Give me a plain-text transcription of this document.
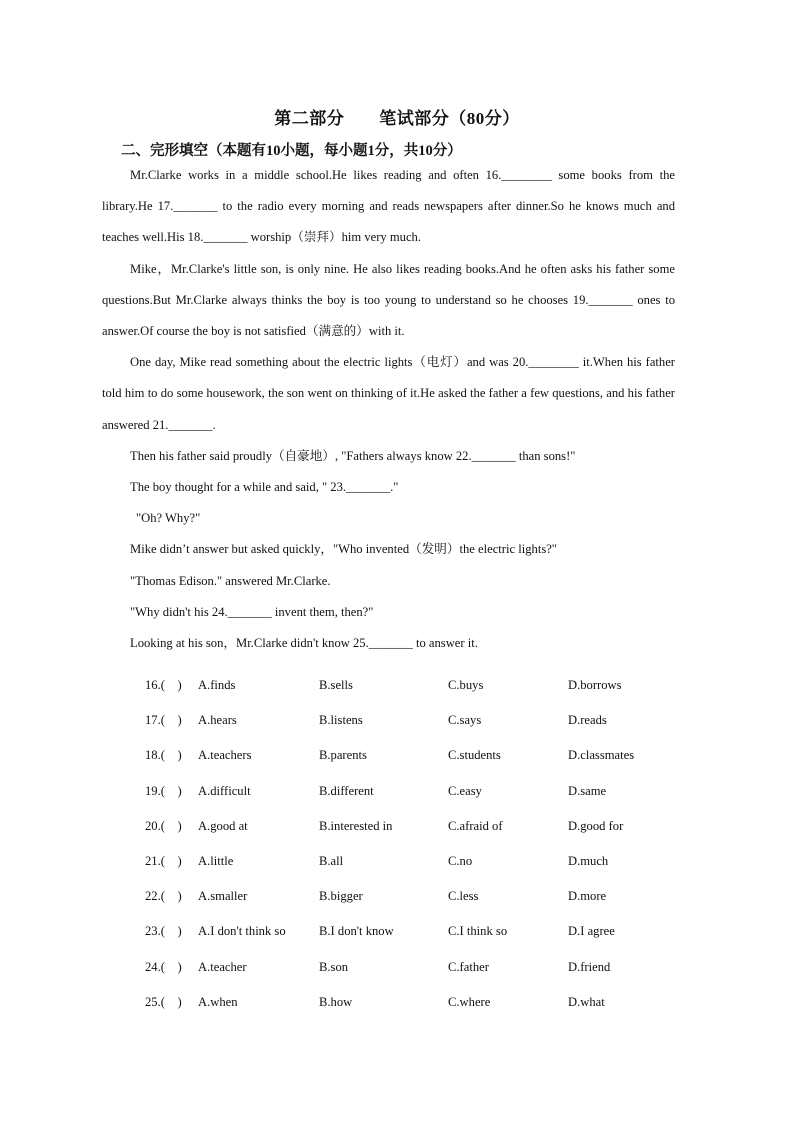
第二部分　　笔试部分（80分）
二、完形填空（本题有10小题，每小题1分，共10分）

Mr.Clarke works in a middle school.He likes reading and often 16.________ some books from the library.He 17._______ to the radio every morning and reads newspapers after dinner.So he knows much and teaches well.His 18._______ worship（崇拜）him very much.

Mike，Mr.Clarke's little son, is only nine. He also likes reading books.And he often asks his father some questions.But Mr.Clarke always thinks the boy is too young to understand so he chooses 19._______ ones to answer.Of course the boy is not satisfied（满意的）with it.

One day, Mike read something about the electric lights（电灯）and was 20.________ it.When his father told him to do some housework, the son went on thinking of it.He asked the father a few questions, and his father answered 21._______.

Then his father said proudly（自豪地）, "Fathers always know 22._______ than sons!"

The boy thought for a while and said, " 23._______."

"Oh? Why?"

Mike didn’t answer but asked quickly，"Who invented（发明）the electric lights?"

"Thomas Edison." answered Mr.Clarke.

"Why didn't his 24._______ invent them, then?"

Looking at his son，Mr.Clarke didn't know 25._______ to answer it.

16.(　) A.finds	B.sells	C.buys	D.borrows
17.(　) A.hears	B.listens	C.says	D.reads
18.(　) A.teachers	B.parents	C.students	D.classmates
19.(　) A.difficult	B.different	C.easy	D.same
20.(　) A.good at	B.interested in	C.afraid of	D.good for
21.(　) A.little	B.all	C.no	D.much
22.(　) A.smaller	B.bigger	C.less	D.more
23.(　) A.I don't think so	B.I don't know	C.I think so	D.I agree
24.(　) A.teacher	B.son	C.father	D.friend
25.(　) A.when	B.how	C.where	D.what
